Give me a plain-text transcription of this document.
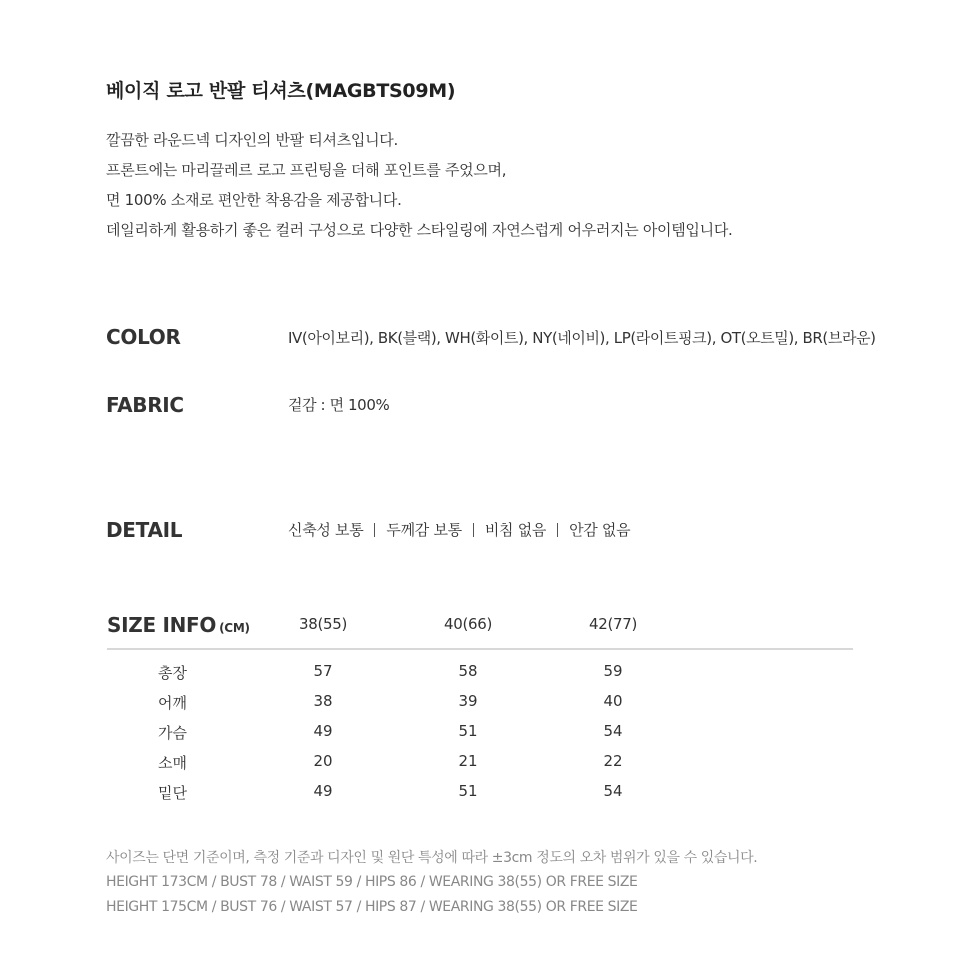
베이직 로고 반팔 티셔츠(MAGBTS09M)
깔끔한 라운드넥 디자인의 반팔 티셔츠입니다.
프론트에는 마리끌레르 로고 프린팅을 더해 포인트를 주었으며,
면 100% 소재로 편안한 착용감을 제공합니다.
데일리하게 활용하기 좋은 컬러 구성으로 다양한 스타일링에 자연스럽게 어우러지는 아이템입니다.
COLOR	IV(아이보리), BK(블랙), WH(화이트), NY(네이비), LP(라이트핑크), OT(오트밀), BR(브라운)
FABRIC	겉감 : 면 100%
DETAIL	신축성 보통 두께감 보통 비침 없음 안감 없음
SIZE INFO (CM)	38(55)	40(66)	42(77)
총장	57	58	59
어깨	38	39	40
가슴	49	51	54
소매	20	21	22
밑단	49	51	54
사이즈는 단면 기준이며, 측정 기준과 디자인 및 원단 특성에 따라 ±3cm 정도의 오차 범위가 있을 수 있습니다.
HEIGHT 173CM / BUST 78 / WAIST 59 / HIPS 86 / WEARING 38(55) OR FREE SIZE
HEIGHT 175CM / BUST 76 / WAIST 57 / HIPS 87 / WEARING 38(55) OR FREE SIZE
